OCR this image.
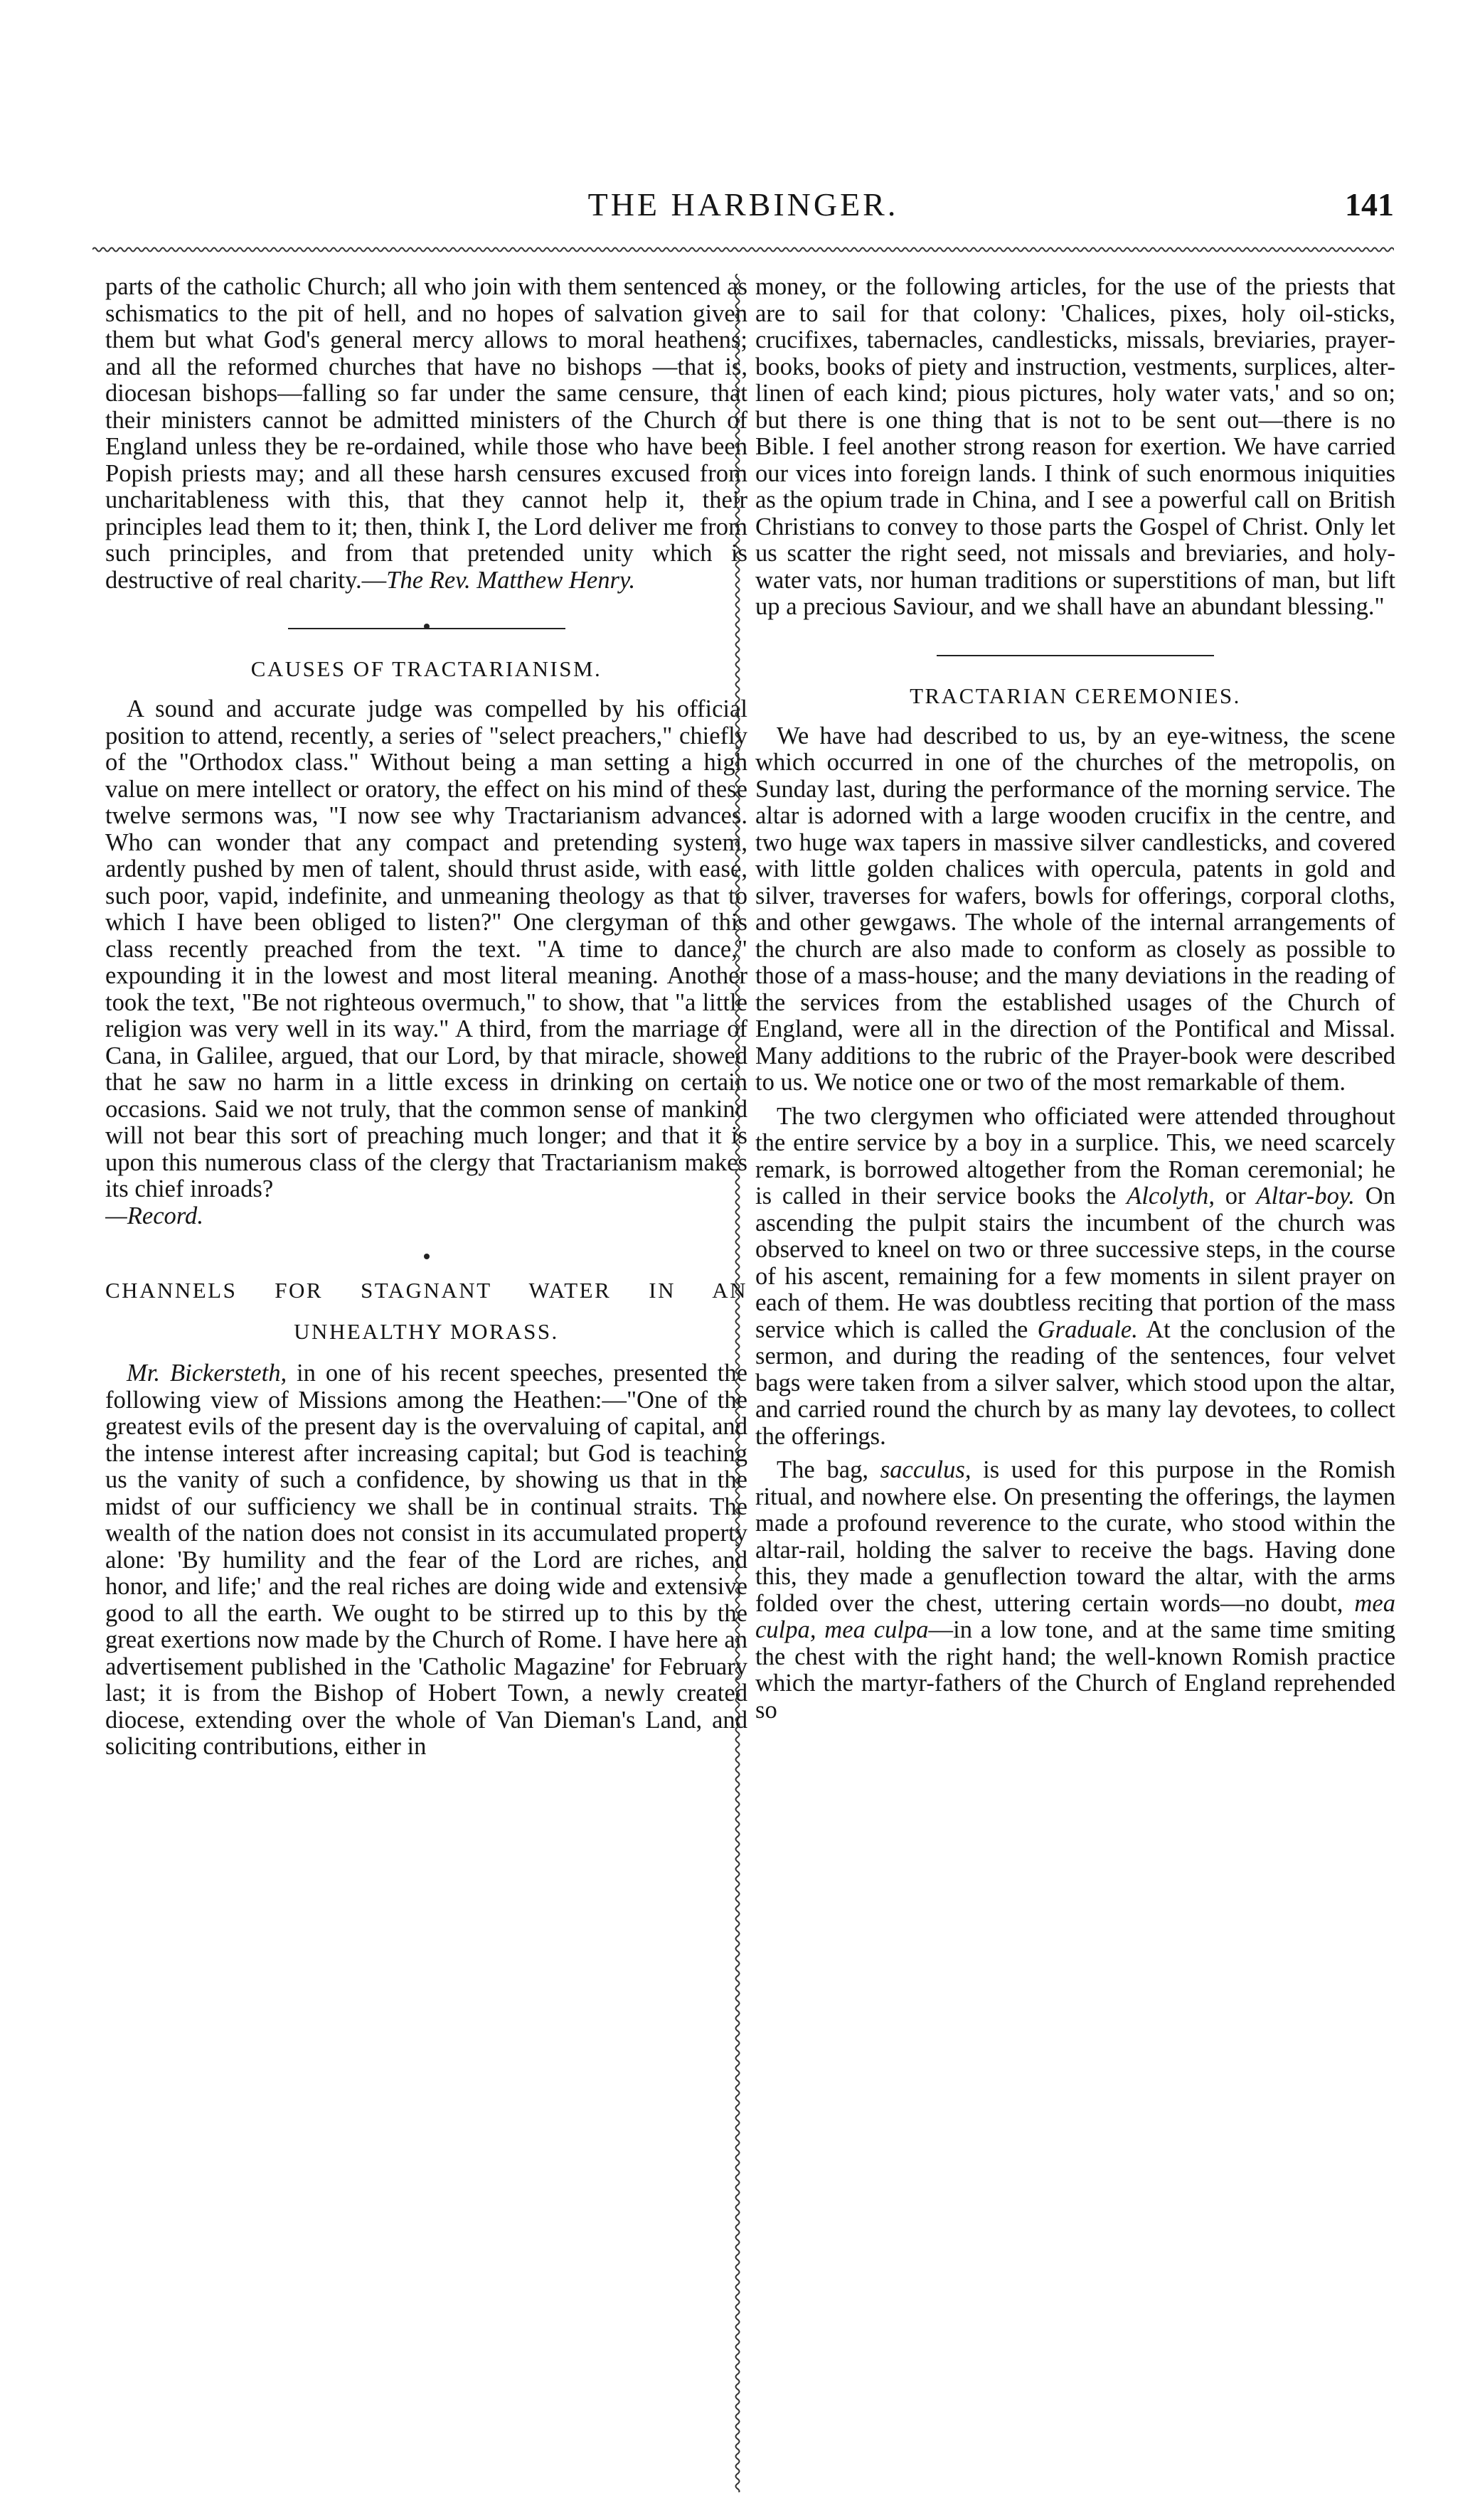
THE HARBINGER.	141

parts of the catholic Church; all who join with them sentenced as schismatics to the pit of hell, and no hopes of salvation given them but what God's general mercy allows to moral heathens; and all the reformed churches that have no bishops —that is, diocesan bishops—falling so far under the same censure, that their ministers cannot be admitted ministers of the Church of England unless they be re-ordained, while those who have been Popish priests may; and all these harsh censures excused from uncharitableness with this, that they cannot help it, their principles lead them to it; then, think I, the Lord deliver me from such principles, and from that pretended unity which is destructive of real charity.—The Rev. Matthew Henry.

CAUSES OF TRACTARIANISM.

A sound and accurate judge was compelled by his official position to attend, recently, a series of "select preachers," chiefly of the "Orthodox class." Without being a man setting a high value on mere intellect or oratory, the effect on his mind of these twelve sermons was, "I now see why Tractarianism advances. Who can wonder that any compact and pretending system, ardently pushed by men of talent, should thrust aside, with ease, such poor, vapid, indefinite, and unmeaning theology as that to which I have been obliged to listen?" One clergyman of this class recently preached from the text. "A time to dance," expounding it in the lowest and most literal meaning. Another took the text, "Be not righteous overmuch," to show, that "a little religion was very well in its way." A third, from the marriage of Cana, in Galilee, argued, that our Lord, by that miracle, showed that he saw no harm in a little excess in drinking on certain occasions. Said we not truly, that the common sense of mankind will not bear this sort of preaching much longer; and that it is upon this numerous class of the clergy that Tractarianism makes its chief inroads?
—Record.

CHANNELS FOR STAGNANT WATER IN AN
UNHEALTHY MORASS.

Mr. Bickersteth, in one of his recent speeches, presented the following view of Missions among the Heathen:—"One of the greatest evils of the present day is the overvaluing of capital, and the intense interest after increasing capital; but God is teaching us the vanity of such a confidence, by showing us that in the midst of our sufficiency we shall be in continual straits. The wealth of the nation does not consist in its accumulated property alone: 'By humility and the fear of the Lord are riches, and honor, and life;' and the real riches are doing wide and extensive good to all the earth. We ought to be stirred up to this by the great exertions now made by the Church of Rome. I have here an advertisement published in the 'Catholic Magazine' for February last; it is from the Bishop of Hobert Town, a newly created diocese, extending over the whole of Van Dieman's Land, and soliciting contributions, either in

money, or the following articles, for the use of the priests that are to sail for that colony: 'Chalices, pixes, holy oil-sticks, crucifixes, tabernacles, candlesticks, missals, breviaries, prayer-books, books of piety and instruction, vestments, surplices, alter-linen of each kind; pious pictures, holy water vats,' and so on; but there is one thing that is not to be sent out—there is no Bible. I feel another strong reason for exertion. We have carried our vices into foreign lands. I think of such enormous iniquities as the opium trade in China, and I see a powerful call on British Christians to convey to those parts the Gospel of Christ. Only let us scatter the right seed, not missals and breviaries, and holy-water vats, nor human traditions or superstitions of man, but lift up a precious Saviour, and we shall have an abundant blessing."

TRACTARIAN CEREMONIES.

We have had described to us, by an eye-witness, the scene which occurred in one of the churches of the metropolis, on Sunday last, during the performance of the morning service. The altar is adorned with a large wooden crucifix in the centre, and two huge wax tapers in massive silver candlesticks, and covered with little golden chalices with opercula, patents in gold and silver, traverses for wafers, bowls for offerings, corporal cloths, and other gewgaws. The whole of the internal arrangements of the church are also made to conform as closely as possible to those of a mass-house; and the many deviations in the reading of the services from the established usages of the Church of England, were all in the direction of the Pontifical and Missal. Many additions to the rubric of the Prayer-book were described to us. We notice one or two of the most remarkable of them.

The two clergymen who officiated were attended throughout the entire service by a boy in a surplice. This, we need scarcely remark, is borrowed altogether from the Roman ceremonial; he is called in their service books the Alcolyth, or Altar-boy. On ascending the pulpit stairs the incumbent of the church was observed to kneel on two or three successive steps, in the course of his ascent, remaining for a few moments in silent prayer on each of them. He was doubtless reciting that portion of the mass service which is called the Graduale. At the conclusion of the sermon, and during the reading of the sentences, four velvet bags were taken from a silver salver, which stood upon the altar, and carried round the church by as many lay devotees, to collect the offerings.

The bag, sacculus, is used for this purpose in the Romish ritual, and nowhere else. On presenting the offerings, the laymen made a profound reverence to the curate, who stood within the altar-rail, holding the salver to receive the bags. Having done this, they made a genuflection toward the altar, with the arms folded over the chest, uttering certain words—no doubt, mea culpa, mea culpa—in a low tone, and at the same time smiting the chest with the right hand; the well-known Romish practice which the martyr-fathers of the Church of England reprehended so
